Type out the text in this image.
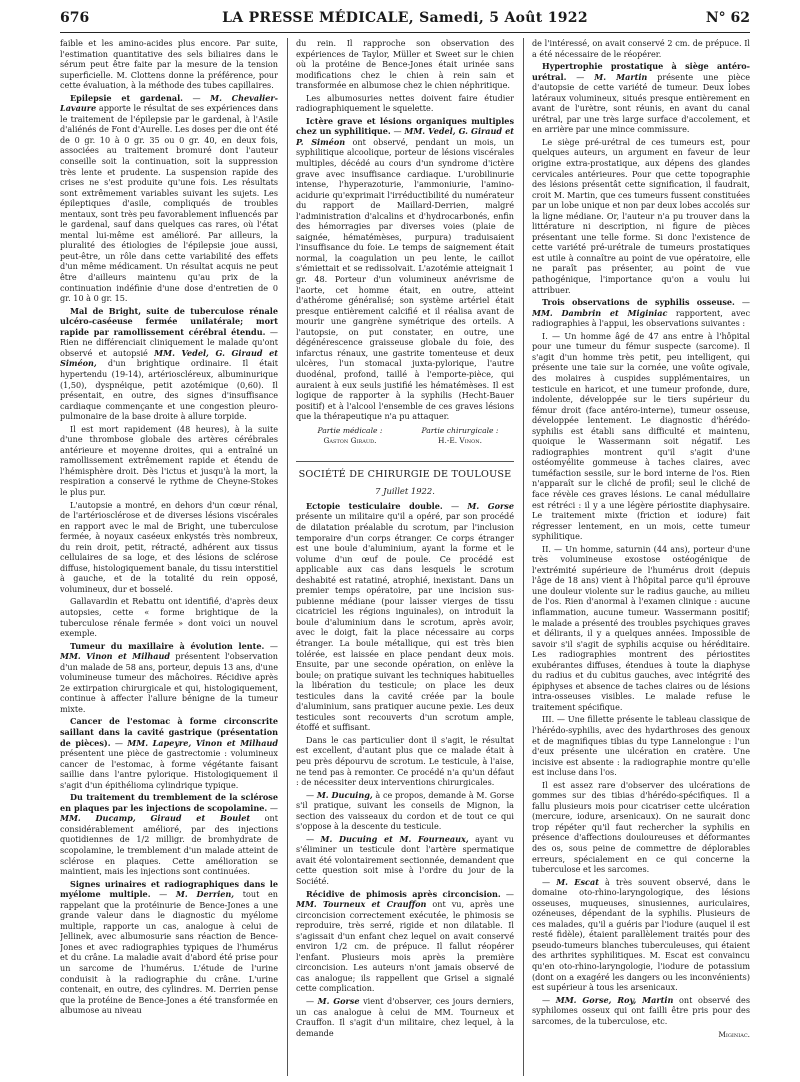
676	LA PRESSE MÉDICALE, Samedi, 5 Août 1922	N° 62

faible et les amino-acides plus encore. Par suite, l'estimation quantitative des sels biliaires dans le sérum peut être faite par la mesure de la tension superficielle. M. Clottens donne la préférence, pour cette évaluation, à la méthode des tubes capillaires.

Epilepsie et gardenal. — M. Chevalier-Lavaure apporte le résultat de ses expériences dans le traitement de l'épilepsie par le gardenal, à l'Asile d'aliénés de Font d'Aurelle. Les doses per die ont été de 0 gr. 10 à 0 gr. 35 ou 0 gr. 40, en deux fois, associées au traitement bromuré dont l'auteur conseille soit la continuation, soit la suppression très lente et prudente. La suspension rapide des crises ne s'est produite qu'une fois. Les résultats sont extrêmement variables suivant les sujets. Les épileptiques d'asile, compliqués de troubles mentaux, sont très peu favorablement influencés par le gardenal, sauf dans quelques cas rares, où l'état mental lui-même est amélioré. Par ailleurs, la pluralité des étiologies de l'épilepsie joue aussi, peut-être, un rôle dans cette variabilité des effets d'un même médicament. Un résultat acquis ne peut être d'ailleurs maintenu qu'au prix de la continuation indéfinie d'une dose d'entretien de 0 gr. 10 à 0 gr. 15.

Mal de Bright, suite de tuberculose rénale ulcéro-caséeuse fermée unilatérale; mort rapide par ramollissement cérébral étendu. — Rien ne différenciait cliniquement le malade qu'ont observé et autopsié MM. Vedel, G. Giraud et Siméon, d'un brightique ordinaire. Il était hypertendu (19-14), artérioscléreux, albuminurique (1,50), dyspnéique, petit azotémique (0,60). Il présentait, en outre, des signes d'insuffisance cardiaque commençante et une congestion pleuro-pulmonaire de la base droite à allure torpide.

Il est mort rapidement (48 heures), à la suite d'une thrombose globale des artères cérébrales antérieure et moyenne droites, qui a entraîné un ramollissement extrêmement rapide et étendu de l'hémisphère droit. Dès l'ictus et jusqu'à la mort, la respiration a conservé le rythme de Cheyne-Stokes le plus pur.

L'autopsie a montré, en dehors d'un cœur rénal, de l'artériosclérose et de diverses lésions viscérales en rapport avec le mal de Bright, une tuberculose fermée, à noyaux caséeux enkystés très nombreux, du rein droit, petit, rétracté, adhérent aux tissus cellulaires de sa loge, et des lésions de sclérose diffuse, histologiquement banale, du tissu interstitiel à gauche, et de la totalité du rein opposé, volumineux, dur et bosselé.

Gallavardin et Rebattu ont identifié, d'après deux autopsies, cette « forme brightique de la tuberculose rénale fermée » dont voici un nouvel exemple.

Tumeur du maxillaire à évolution lente. — MM. Vinon et Milhaud présentent l'observation d'un malade de 58 ans, porteur, depuis 13 ans, d'une volumineuse tumeur des mâchoires. Récidive après 2e extirpation chirurgicale et qui, histologiquement, continue à affecter l'allure bénigne de la tumeur mixte.

Cancer de l'estomac à forme circonscrite saillant dans la cavité gastrique (présentation de pièces). — MM. Lapeyre, Vinon et Milhaud présentent une pièce de gastrectomie : volumineux cancer de l'estomac, à forme végétante faisant saillie dans l'antre pylorique. Histologiquement il s'agit d'un épithélioma cylindrique typique.

Du traitement du tremblement de la sclérose en plaques par les injections de scopolamine. — MM. Ducamp, Giraud et Boulet ont considérablement amélioré, par des injections quotidiennes de 1/2 milligr. de bromhydrate de scopolamine, le tremblement d'un malade atteint de sclérose en plaques. Cette amélioration se maintient, mais les injections sont continuées.

Signes urinaires et radiographiques dans le myélome multiple. — M. Derrien, tout en rappelant que la protéinurie de Bence-Jones a une grande valeur dans le diagnostic du myélome multiple, rapporte un cas, analogue à celui de Jellinek, avec albumosurie sans réaction de Bence-Jones et avec radiographies typiques de l'humérus et du crâne. La maladie avait d'abord été prise pour un sarcome de l'humérus. L'étude de l'urine conduisit à la radiographie du crâne. L'urine contenait, en outre, des cylindres. M. Derrien pense que la protéine de Bence-Jones a été transformée en albumose au niveau

du rein. Il rapproche son observation des expériences de Taylor, Müller et Sweet sur le chien où la protéine de Bence-Jones était urinée sans modifications chez le chien à rein sain et transformée en albumose chez le chien néphritique.

Les albumosuries nettes doivent faire étudier radiographiquement le squelette.

Ictère grave et lésions organiques multiples chez un syphilitique. — MM. Vedel, G. Giraud et P. Siméon ont observé, pendant un mois, un syphilitique alcoolique, porteur de lésions viscérales multiples, décédé au cours d'un syndrome d'ictère grave avec insuffisance cardiaque. L'urobilinurie intense, l'hyperazoturie, l'ammoniurie, l'amino-acidurie qu'exprimait l'irréductibilité du numérateur du rapport de Maillard-Derrien, malgré l'administration d'alcalins et d'hydrocarbonés, enfin des hémorragies par diverses voies (plaie de saignée, hématémèses, purpura) traduisaient l'insuffisance du foie. Le temps de saignement était normal, la coagulation un peu lente, le caillot s'émiettait et se redissolvait. L'azotémie atteignait 1 gr. 48. Porteur d'un volumineux anévrisme de l'aorte, cet homme était, en outre, atteint d'athérome généralisé; son système artériel était presque entièrement calcifié et il réalisa avant de mourir une gangrène symétrique des orteils. A l'autopsie, on put constater, en outre, une dégénérescence graisseuse globale du foie, des infarctus rénaux, une gastrite tomenteuse et deux ulcères, l'un stomacal juxta-pylorique, l'autre duodénal, profond, taillé à l'emporte-pièce, qui auraient à eux seuls justifié les hématémèses. Il est logique de rapporter à la syphilis (Hecht-Bauer positif) et à l'alcool l'ensemble de ces graves lésions que la thérapeutique n'a pu attaquer.

Partie médicale :
Gaston Giraud.
Partie chirurgicale :
H.-E. Vinon.
SOCIÉTÉ DE CHIRURGIE DE TOULOUSE
7 Juillet 1922.

Ectopie testiculaire double. — M. Gorse présente un militaire qu'il a opéré, par son procédé de dilatation préalable du scrotum, par l'inclusion temporaire d'un corps étranger. Ce corps étranger est une boule d'aluminium, ayant la forme et le volume d'un œuf de poule. Ce procédé est applicable aux cas dans lesquels le scrotum deshabité est ratatiné, atrophié, inexistant. Dans un premier temps opératoire, par une incision sus-pubienne médiane (pour laisser vierges de tissu cicatriciel les régions inguinales), on introduit la boule d'aluminium dans le scrotum, après avoir, avec le doigt, fait la place nécessaire au corps étranger. La boule métallique, qui est très bien tolérée, est laissée en place pendant deux mois. Ensuite, par une seconde opération, on enlève la boule; on pratique suivant les techniques habituelles la libération du testicule; on place les deux testicules dans la cavité créée par la boule d'aluminium, sans pratiquer aucune pexie. Les deux testicules sont recouverts d'un scrotum ample, étoffé et suffisant.

Dans le cas particulier dont il s'agit, le résultat est excellent, d'autant plus que ce malade était à peu près dépourvu de scrotum. Le testicule, à l'aise, ne tend pas à remonter. Ce procédé n'a qu'un défaut : de nécessiter deux interventions chirurgicales.

— M. Ducuing, à ce propos, demande à M. Gorse s'il pratique, suivant les conseils de Mignon, la section des vaisseaux du cordon et de tout ce qui s'oppose à la descente du testicule.

— M. Ducuing et M. Fourneaux, ayant vu s'éliminer un testicule dont l'artère spermatique avait été volontairement sectionnée, demandent que cette question soit mise à l'ordre du jour de la Société.

Récidive de phimosis après circoncision. — MM. Tourneux et Crauffon ont vu, après une circoncision correctement exécutée, le phimosis se reproduire, très serré, rigide et non dilatable. Il s'agissait d'un enfant chez lequel on avait conservé environ 1/2 cm. de prépuce. Il fallut réopérer l'enfant. Plusieurs mois après la première circoncision. Les auteurs n'ont jamais observé de cas analogue; ils rappellent que Grisel a signalé cette complication.

— M. Gorse vient d'observer, ces jours derniers, un cas analogue à celui de MM. Tourneux et Crauffon. Il s'agit d'un militaire, chez lequel, à la demande

de l'intéressé, on avait conservé 2 cm. de prépuce. Il a été nécessaire de le réopérer.

Hypertrophie prostatique à siège antéro-urétral. — M. Martin présente une pièce d'autopsie de cette variété de tumeur. Deux lobes latéraux volumineux, situés presque entièrement en avant de l'urètre, sont réunis, en avant du canal urétral, par une très large surface d'accolement, et en arrière par une mince commissure.

Le siège pré-urétral de ces tumeurs est, pour quelques auteurs, un argument en faveur de leur origine extra-prostatique, aux dépens des glandes cervicales antérieures. Pour que cette topographie des lésions présentât cette signification, il faudrait, croit M. Martin, que ces tumeurs fussent constituées par un lobe unique et non par deux lobes accolés sur la ligne médiane. Or, l'auteur n'a pu trouver dans la littérature ni description, ni figure de pièces présentant une telle forme. Si donc l'existence de cette variété pré-urétrale de tumeurs prostatiques est utile à connaître au point de vue opératoire, elle ne paraît pas présenter, au point de vue pathogénique, l'importance qu'on a voulu lui attribuer.

Trois observations de syphilis osseuse. — MM. Dambrin et Miginiac rapportent, avec radiographies à l'appui, les observations suivantes :

I. — Un homme âgé de 47 ans entre à l'hôpital pour une tumeur du fémur suspecte (sarcome). Il s'agit d'un homme très petit, peu intelligent, qui présente une taie sur la cornée, une voûte ogivale, des molaires à cuspides supplémentaires, un testicule en haricot, et une tumeur profonde, dure, indolente, développée sur le tiers supérieur du fémur droit (face antéro-interne), tumeur osseuse, développée lentement. Le diagnostic d'hérédo-syphilis est établi sans difficulté et maintenu, quoique le Wassermann soit négatif. Les radiographies montrent qu'il s'agit d'une ostéomyélite gommeuse à taches claires, avec tuméfaction sessile, sur le bord interne de l'os. Rien n'apparaît sur le cliché de profil; seul le cliché de face révèle ces graves lésions. Le canal médullaire est rétréci : il y a une légère périostite diaphysaire. Le traitement mixte (friction et iodure) fait régresser lentement, en un mois, cette tumeur syphilitique.

II. — Un homme, saturnin (44 ans), porteur d'une très volumineuse exostose ostéogénique de l'extrémité supérieure de l'humérus droit (depuis l'âge de 18 ans) vient à l'hôpital parce qu'il éprouve une douleur violente sur le radius gauche, au milieu de l'os. Rien d'anormal à l'examen clinique : aucune inflammation, aucune tumeur. Wassermann positif; le malade a présenté des troubles psychiques graves et délirants, il y a quelques années. Impossible de savoir s'il s'agit de syphilis acquise ou héréditaire. Les radiographies montrent des périostites exubérantes diffuses, étendues à toute la diaphyse du radius et du cubitus gauches, avec intégrité des épiphyses et absence de taches claires ou de lésions intra-osseuses visibles. Le malade refuse le traitement spécifique.

III. — Une fillette présente le tableau classique de l'hérédo-syphilis, avec des hydarthroses des genoux et de magnifiques tibias du type Lannelongue : l'un d'eux présente une ulcération en cratère. Une incisive est absente : la radiographie montre qu'elle est incluse dans l'os.

Il est assez rare d'observer des ulcérations de gommes sur des tibias d'hérédo-spécifiques. Il a fallu plusieurs mois pour cicatriser cette ulcération (mercure, iodure, arsenicaux). On ne saurait donc trop répéter qu'il faut rechercher la syphilis en présence d'affections douloureuses et déformantes des os, sous peine de commettre de déplorables erreurs, spécialement en ce qui concerne la tuberculose et les sarcomes.

— M. Escat à très souvent observé, dans le domaine oto-rhino-laryngologique, des lésions osseuses, muqueuses, sinusiennes, auriculaires, ozéneuses, dépendant de la syphilis. Plusieurs de ces malades, qu'il a guéris par l'iodure (auquel il est resté fidèle), étaient parallèlement traités pour des pseudo-tumeurs blanches tuberculeuses, qui étaient des arthrites syphilitiques. M. Escat est convaincu qu'en oto-rhino-laryngologie, l'iodure de potassium (dont on a exagéré les dangers ou les inconvénients) est supérieur à tous les arsenicaux.

— MM. Gorse, Roy, Martin ont observé des syphilomes osseux qui ont failli être pris pour des sarcomes, de la tuberculose, etc.

Miginiac.
